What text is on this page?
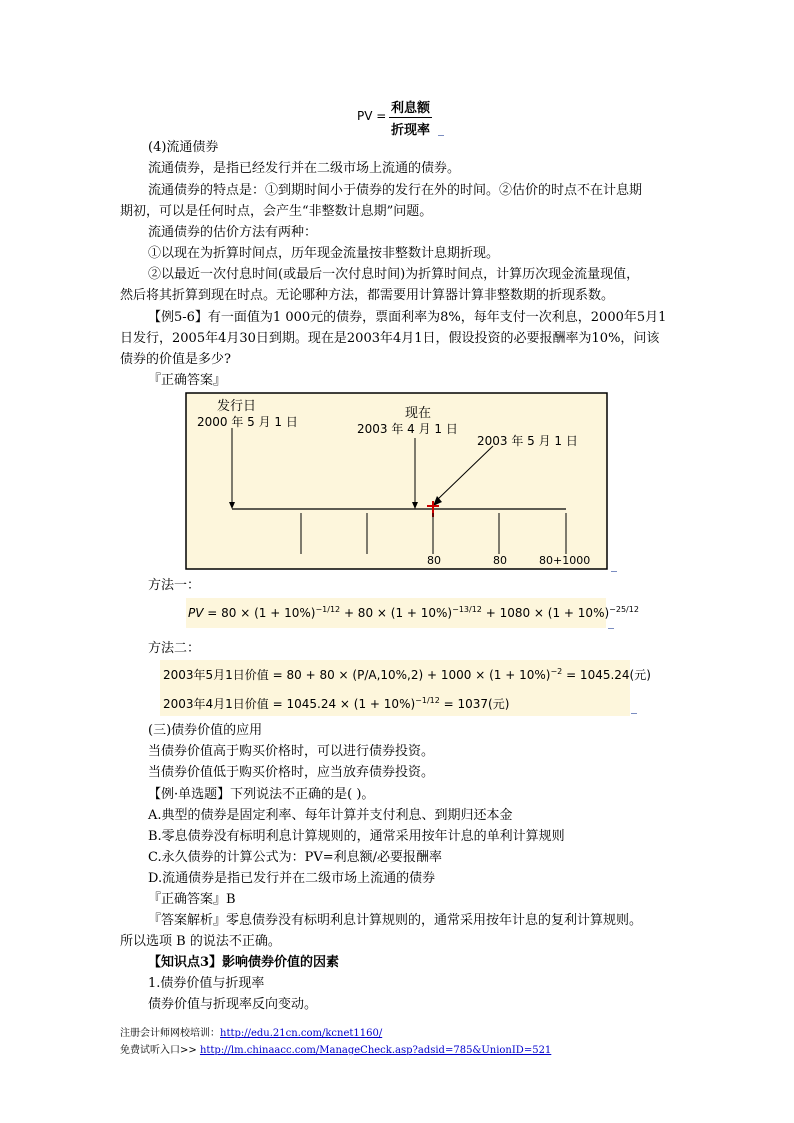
PV = 利息额
折现率
(4)流通债券
流通债券，是指已经发行并在二级市场上流通的债券。
流通债券的特点是：①到期时间小于债券的发行在外的时间。②估价的时点不在计息期
期初，可以是任何时点，会产生“非整数计息期”问题。
流通债券的估价方法有两种：
①以现在为折算时间点，历年现金流量按非整数计息期折现。
②以最近一次付息时间(或最后一次付息时间)为折算时间点，计算历次现金流量现值，
然后将其折算到现在时点。无论哪种方法，都需要用计算器计算非整数期的折现系数。
【例5-6】有一面值为1 000元的债券，票面利率为8%，每年支付一次利息，2000年5月1
日发行，2005年4月30日到期。现在是2003年4月1日，假设投资的必要报酬率为10%，问该
债券的价值是多少?
『正确答案』
发行日
2000 年 5 月 1 日
现在
2003 年 4 月 1 日
2003 年 5 月 1 日
80	80	80+1000
方法一：
PV = $80 \times (1 + 10\%)^{-1/12} + 80 \times (1 + 10\%)^{-13/12} + 1080 \times (1 + 10\%)^{-25/12}$
方法二：
2003年5月1日价值 = $80 + 80 \times (P/A,10\%,2) + 1000 \times (1 + 10\%)^{-2} = 1045.24$(元)
2003年4月1日价值 = $1045.24 \times (1 + 10\%)^{-1/12} = 1037$(元)
(三)债券价值的应用
当债券价值高于购买价格时，可以进行债券投资。
当债券价值低于购买价格时，应当放弃债券投资。
【例·单选题】下列说法不正确的是( )。
A.典型的债券是固定利率、每年计算并支付利息、到期归还本金
B.零息债券没有标明利息计算规则的，通常采用按年计息的单利计算规则
C.永久债券的计算公式为：PV=利息额/必要报酬率
D.流通债券是指已发行并在二级市场上流通的债券
『正确答案』B
『答案解析』零息债券没有标明利息计算规则的，通常采用按年计息的复利计算规则。
所以选项 B 的说法不正确。
【知识点3】影响债券价值的因素
1.债券价值与折现率
债券价值与折现率反向变动。
注册会计师网校培训：http://edu.21cn.com/kcnet1160/
免费试听入口>> http://lm.chinaacc.com/ManageCheck.asp?adsid=785&UnionID=521
